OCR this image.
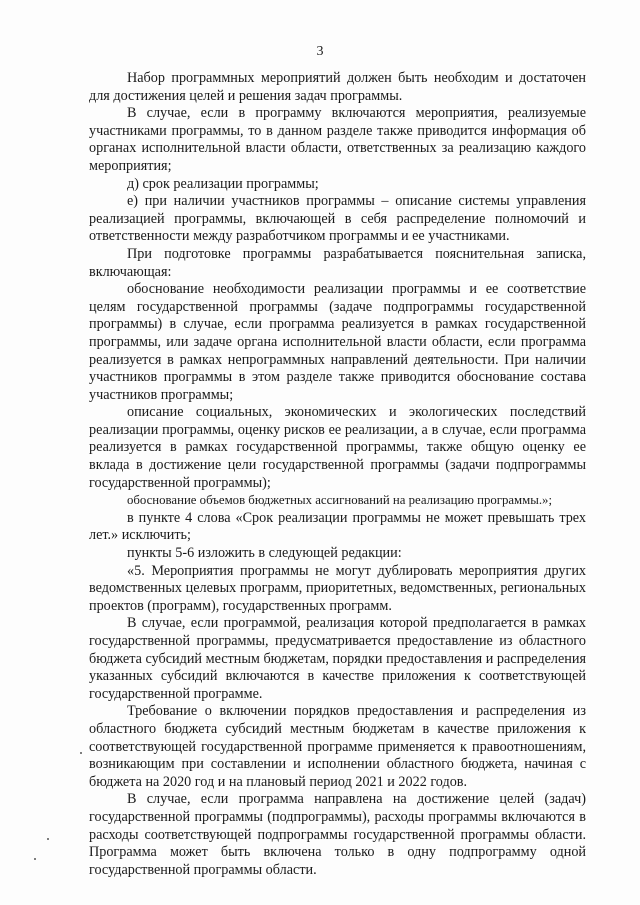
3

Набор программных мероприятий должен быть необходим и достаточен для достижения целей и решения задач программы.

В случае, если в программу включаются мероприятия, реализуемые участниками программы, то в данном разделе также приводится информация об органах исполнительной власти области, ответственных за реализацию каждого мероприятия;

д) срок реализации программы;

е) при наличии участников программы – описание системы управления реализацией программы, включающей в себя распределение полномочий и ответственности между разработчиком программы и ее участниками.

При подготовке программы разрабатывается пояснительная записка, включающая:

обоснование необходимости реализации программы и ее соответствие целям государственной программы (задаче подпрограммы государственной программы) в случае, если программа реализуется в рамках государственной программы, или задаче органа исполнительной власти области, если программа реализуется в рамках непрограммных направлений деятельности. При наличии участников программы в этом разделе также приводится обоснование состава участников программы;

описание социальных, экономических и экологических последствий реализации программы, оценку рисков ее реализации, а в случае, если программа реализуется в рамках государственной программы, также общую оценку ее вклада в достижение цели государственной программы (задачи подпрограммы государственной программы);

обоснование объемов бюджетных ассигнований на реализацию программы.»;

в пункте 4 слова «Срок реализации программы не может превышать трех лет.» исключить;

пункты 5-6 изложить в следующей редакции:

«5. Мероприятия программы не могут дублировать мероприятия других ведомственных целевых программ, приоритетных, ведомственных, региональных проектов (программ), государственных программ.

В случае, если программой, реализация которой предполагается в рамках государственной программы, предусматривается предоставление из областного бюджета субсидий местным бюджетам, порядки предоставления и распределения указанных субсидий включаются в качестве приложения к соответствующей государственной программе.

Требование о включении порядков предоставления и распределения из областного бюджета субсидий местным бюджетам в качестве приложения к соответствующей государственной программе применяется к правоотношениям, возникающим при составлении и исполнении областного бюджета, начиная с бюджета на 2020 год и на плановый период 2021 и 2022 годов.

В случае, если программа направлена на достижение целей (задач) государственной программы (подпрограммы), расходы программы включаются в расходы соответствующей подпрограммы государственной программы области. Программа может быть включена только в одну подпрограмму одной государственной программы области.
